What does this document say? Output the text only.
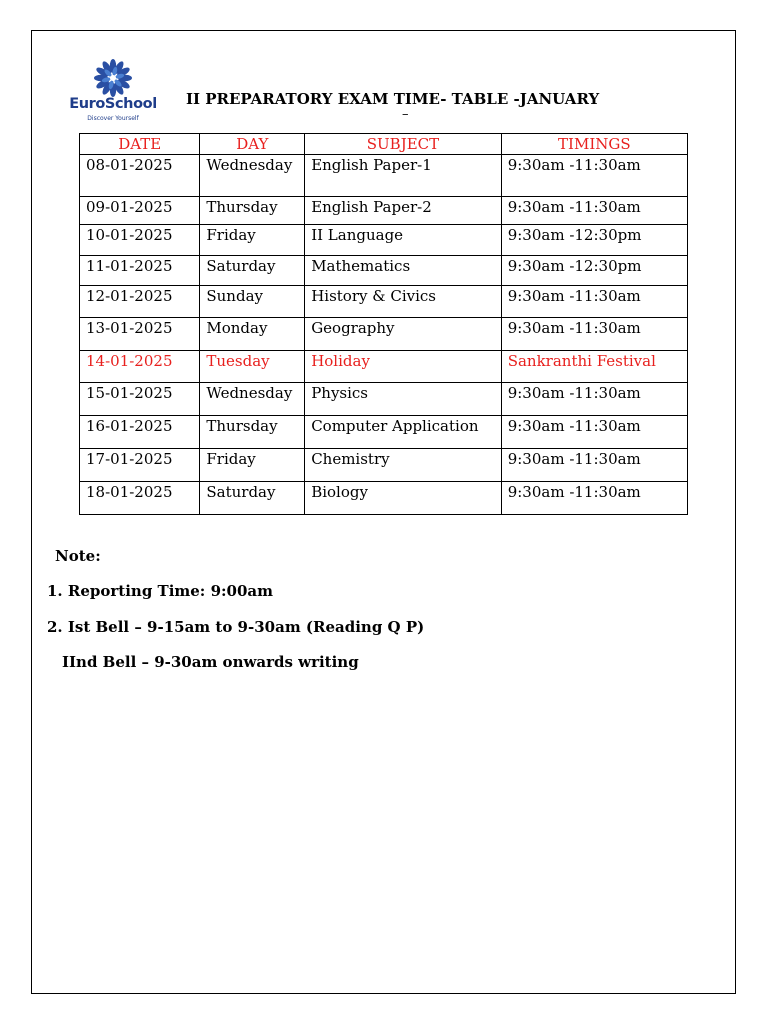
EuroSchool
Discover Yourself
II PREPARATORY EXAM TIME- TABLE -JANUARY
–
DATE	DAY	SUBJECT	TIMINGS
08-01-2025	Wednesday	English Paper-1	9:30am -11:30am
09-01-2025	Thursday	English Paper-2	9:30am -11:30am
10-01-2025	Friday	II Language	9:30am -12:30pm
11-01-2025	Saturday	Mathematics	9:30am -12:30pm
12-01-2025	Sunday	History & Civics	9:30am -11:30am
13-01-2025	Monday	Geography	9:30am -11:30am
14-01-2025	Tuesday	Holiday	Sankranthi Festival
15-01-2025	Wednesday	Physics	9:30am -11:30am
16-01-2025	Thursday	Computer Application	9:30am -11:30am
17-01-2025	Friday	Chemistry	9:30am -11:30am
18-01-2025	Saturday	Biology	9:30am -11:30am
Note:
1. Reporting Time: 9:00am
2. Ist Bell – 9-15am to 9-30am (Reading Q P)
IInd Bell – 9-30am onwards writing
